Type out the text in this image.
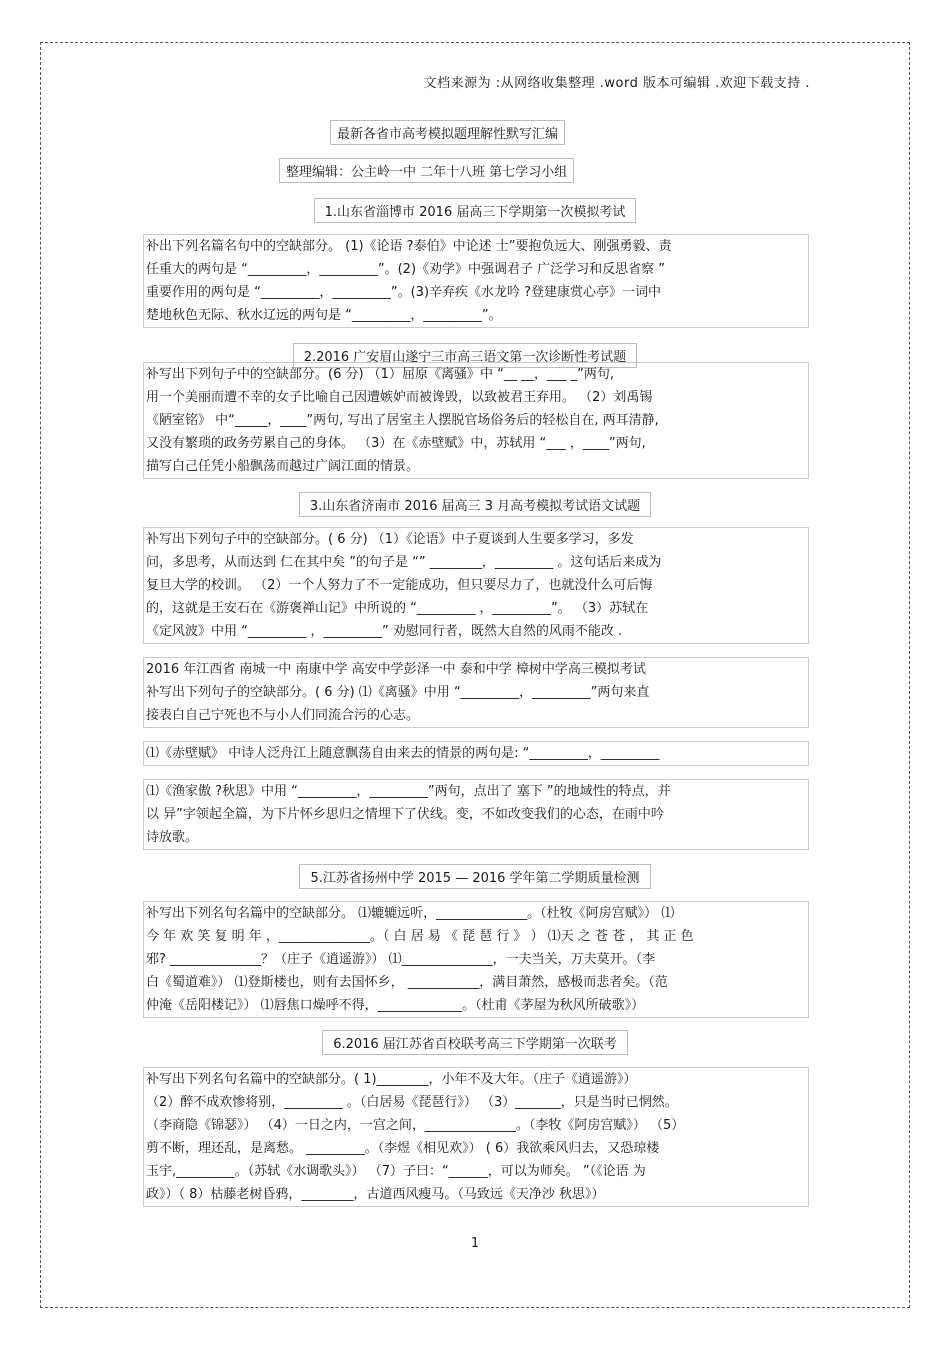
文档来源为 :从网络收集整理 .word 版本可编辑 .欢迎下载支持 .
最新各省市高考模拟题理解性默写汇编
整理编辑：公主岭一中 二年十八班 第七学习小组
1.山东省淄博市 2016 届高三下学期第一次模拟考试
补出下列名篇名句中的空缺部分。 (1)《论语 ?泰伯》中论述 士”要抱负远大、刚强勇毅、责
任重大的两句是 “_________，_________”。(2)《劝学》中强调君子 广泛学习和反思省察 ”
重要作用的两句是 “_________，_________”。(3)辛弃疾《水龙吟 ?登建康赏心亭》一词中
楚地秋色无际、秋水辽远的两句是 “_________，_________”。
2.2016 广安眉山遂宁三市高三语文第一次诊断性考试题
补写出下列句子中的空缺部分。(6 分) （1）屈原《离骚》中 “__ __，___ _”两句,
用一个美丽而遭不幸的女子比喻自己因遭嫉妒而被谗毁，以致被君王弃用。 （2）刘禹锡
《陋室铭》 中“_____，____”两句, 写出了居室主人摆脱官场俗务后的轻松自在, 两耳清静,
又没有繁琐的政务劳累自己的身体。 （3）在《赤壁赋》中，苏轼用 “___ ，____”两句,
描写白己任凭小船飘荡而越过广阔江面的情景。
3.山东省济南市 2016 届高三 3 月高考模拟考试语文试题
补写出下列句子中的空缺部分。( 6 分) （1）《论语》中子夏谈到人生要多学习，多发
问，多思考，从而达到 仁在其中矣 ”的句子是 “” ________，_________ 。这句话后来成为
复旦大学的校训。 （2）一个人努力了不一定能成功，但只要尽力了，也就没什么可后悔
的，这就是王安石在《游褒禅山记》中所说的 “_________ ，_________”。 （3）苏轼在
《定风波》中用 “_________ ，_________” 劝慰同行者，既然大自然的风雨不能改 .
2016 年江西省 南城一中 南康中学 高安中学彭泽一中 泰和中学 樟树中学高三模拟考试
补写出下列句子的空缺部分。( 6 分) ⑴《离骚》中用 “_________，_________”两句来直
接表白自己宁死也不与小人们同流合污的心志。
⑴《赤壁赋》 中诗人泛舟江上随意飘荡自由来去的情景的两句是: “_________，_________
⑴《渔家傲 ?秋思》中用 “_________，_________”两句，点出了 塞下 ”的地域性的特点，并
以 异”字领起全篇，为下片怀乡思归之情埋下了伏线。变，不如改变我们的心态，在雨中吟
诗放歌。
5.江苏省扬州中学 2015 — 2016 学年第二学期质量检测
补写出下列名句名篇中的空缺部分。 ⑴辘辘远听，______________。（杜牧《阿房宫赋》） ⑴
今 年 欢 笑 复 明 年 ，______________。（ 白 居 易 《 琵 琶 行 》 ） ⑴天 之 苍 苍 ， 其 正 色
邪? ______________？（庄子《逍遥游》） ⑴______________，一夫当关，万夫莫开。（李
白《蜀道难》） ⑴登斯楼也，则有去国怀乡， ___________，满目萧然，感极而悲者矣。（范
仲淹《岳阳楼记》） ⑴唇焦口燥呼不得，_____________。（杜甫《茅屋为秋风所破歌》）
6.2016 届江苏省百校联考高三下学期第一次联考
补写出下列名句名篇中的空缺部分。( 1)________，小年不及大年。（庄子《逍遥游》）
（2）醉不成欢惨将别，_________ 。（白居易《琵琶行》） （3）_______，只是当时已惘然。
（李商隐《锦瑟》） （4）一日之内，一宫之间，______________。（李牧《阿房宫赋》） （5）
剪不断，理还乱，是离愁。 _________。（李煜《相见欢》） ( 6）我欲乘风归去，又恐琼楼
玉宇,_________。（苏轼《水调歌头》） （7）子曰：“______，可以为师矣。 ”（《论语 为
政》）（ 8）枯藤老树昏鸦，________，古道西风瘦马。（马致远《天净沙 秋思》）
1
